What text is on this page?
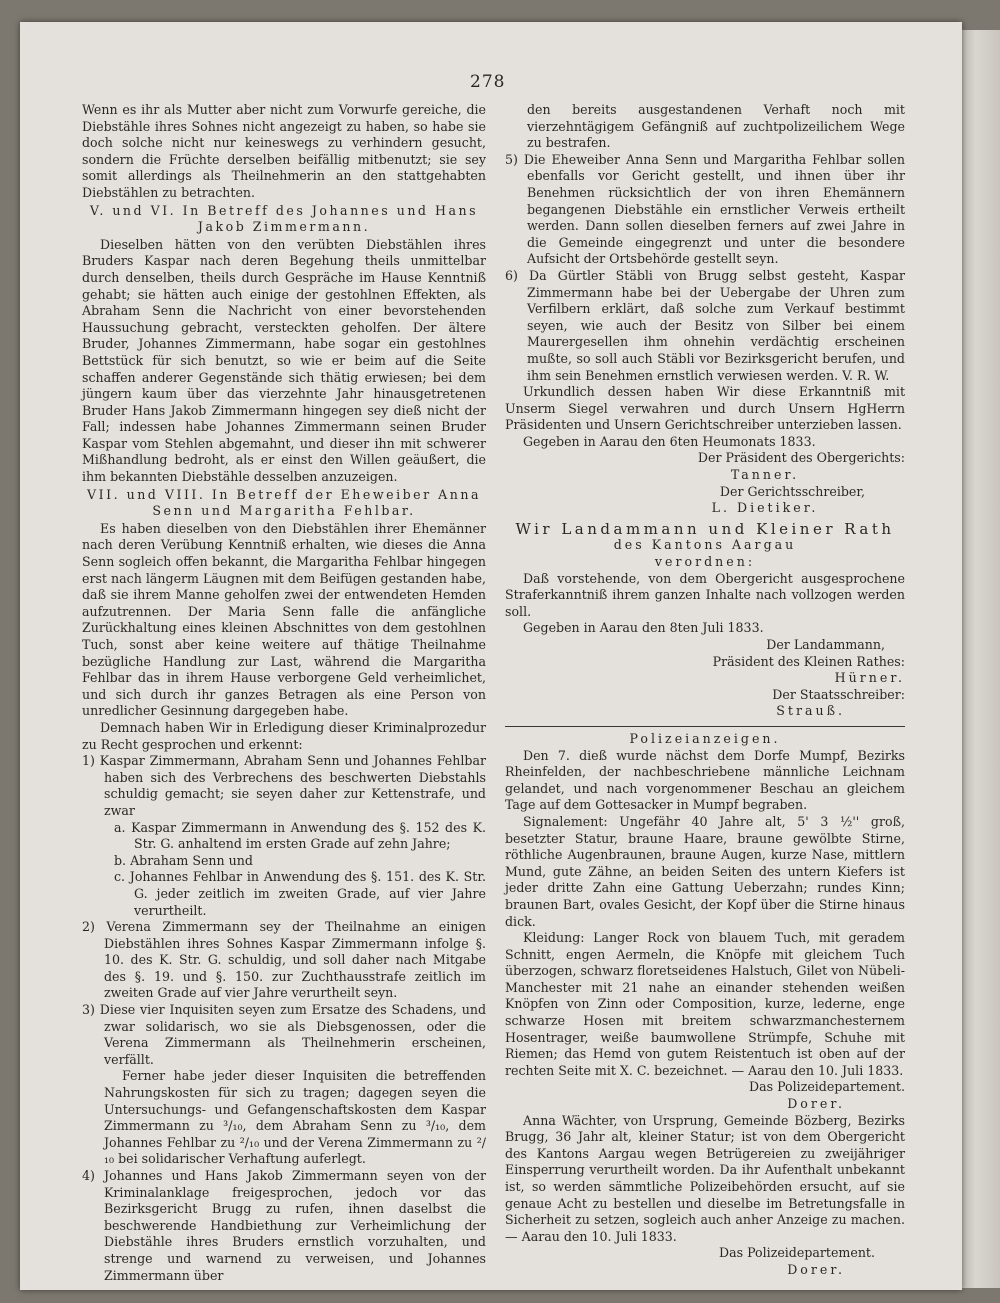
278

Wenn es ihr als Mutter aber nicht zum Vorwurfe gereiche, die Diebstähle ihres Sohnes nicht angezeigt zu haben, so habe sie doch solche nicht nur keineswegs zu verhindern gesucht, sondern die Früchte derselben beifällig mitbenutzt; sie sey somit allerdings als Theilnehmerin an den stattgehabten Diebstählen zu betrachten.

V. und VI. In Betreff des Johannes und Hans Jakob Zimmermann.

Dieselben hätten von den verübten Diebstählen ihres Bruders Kaspar nach deren Begehung theils unmittelbar durch denselben, theils durch Gespräche im Hause Kenntniß gehabt; sie hätten auch einige der gestohlnen Effekten, als Abraham Senn die Nachricht von einer bevorstehenden Haussuchung gebracht, versteckten geholfen. Der ältere Bruder, Johannes Zimmermann, habe sogar ein gestohlnes Bettstück für sich benutzt, so wie er beim auf die Seite schaffen anderer Gegenstände sich thätig erwiesen; bei dem jüngern kaum über das vierzehnte Jahr hinausgetretenen Bruder Hans Jakob Zimmermann hingegen sey dieß nicht der Fall; indessen habe Johannes Zimmermann seinen Bruder Kaspar vom Stehlen abgemahnt, und dieser ihn mit schwerer Mißhandlung bedroht, als er einst den Willen geäußert, die ihm bekannten Diebstähle desselben anzuzeigen.

VII. und VIII. In Betreff der Eheweiber Anna Senn und Margaritha Fehlbar.

Es haben dieselben von den Diebstählen ihrer Ehemänner nach deren Verübung Kenntniß erhalten, wie dieses die Anna Senn sogleich offen bekannt, die Margaritha Fehlbar hingegen erst nach längerm Läugnen mit dem Beifügen gestanden habe, daß sie ihrem Manne geholfen zwei der entwendeten Hemden aufzutrennen. Der Maria Senn falle die anfängliche Zurückhaltung eines kleinen Abschnittes von dem gestohlnen Tuch, sonst aber keine weitere auf thätige Theilnahme bezügliche Handlung zur Last, während die Margaritha Fehlbar das in ihrem Hause verborgene Geld verheimlichet, und sich durch ihr ganzes Betragen als eine Person von unredlicher Gesinnung dargegeben habe.

Demnach haben Wir in Erledigung dieser Kriminalprozedur zu Recht gesprochen und erkennt:

1) Kaspar Zimmermann, Abraham Senn und Johannes Fehlbar haben sich des Verbrechens des beschwerten Diebstahls schuldig gemacht; sie seyen daher zur Kettenstrafe, und zwar

a. Kaspar Zimmermann in Anwendung des §. 152 des K. Str. G. anhaltend im ersten Grade auf zehn Jahre;

b. Abraham Senn und

c. Johannes Fehlbar in Anwendung des §. 151. des K. Str. G. jeder zeitlich im zweiten Grade, auf vier Jahre verurtheilt.

2) Verena Zimmermann sey der Theilnahme an einigen Diebstählen ihres Sohnes Kaspar Zimmermann infolge §. 10. des K. Str. G. schuldig, und soll daher nach Mitgabe des §. 19. und §. 150. zur Zuchthausstrafe zeitlich im zweiten Grade auf vier Jahre verurtheilt seyn.

3) Diese vier Inquisiten seyen zum Ersatze des Schadens, und zwar solidarisch, wo sie als Diebsgenossen, oder die Verena Zimmermann als Theilnehmerin erscheinen, verfällt.

Ferner habe jeder dieser Inquisiten die betreffenden Nahrungskosten für sich zu tragen; dagegen seyen die Untersuchungs- und Gefangenschaftskosten dem Kaspar Zimmermann zu ³/₁₀, dem Abraham Senn zu ³/₁₀, dem Johannes Fehlbar zu ²/₁₀ und der Verena Zimmermann zu ²/₁₀ bei solidarischer Verhaftung auferlegt.

4) Johannes und Hans Jakob Zimmermann seyen von der Kriminalanklage freigesprochen, jedoch vor das Bezirksgericht Brugg zu rufen, ihnen daselbst die beschwerende Handbiethung zur Verheimlichung der Diebstähle ihres Bruders ernstlich vorzuhalten, und strenge und warnend zu verweisen, und Johannes Zimmermann über

den bereits ausgestandenen Verhaft noch mit vierzehntägigem Gefängniß auf zuchtpolizeilichem Wege zu bestrafen.

5) Die Eheweiber Anna Senn und Margaritha Fehlbar sollen ebenfalls vor Gericht gestellt, und ihnen über ihr Benehmen rücksichtlich der von ihren Ehemännern begangenen Diebstähle ein ernstlicher Verweis ertheilt werden. Dann sollen dieselben ferners auf zwei Jahre in die Gemeinde eingegrenzt und unter die besondere Aufsicht der Ortsbehörde gestellt seyn.

6) Da Gürtler Stäbli von Brugg selbst gesteht, Kaspar Zimmermann habe bei der Uebergabe der Uhren zum Verfilbern erklärt, daß solche zum Verkauf bestimmt seyen, wie auch der Besitz von Silber bei einem Maurergesellen ihm ohnehin verdächtig erscheinen mußte, so soll auch Stäbli vor Bezirksgericht berufen, und ihm sein Benehmen ernstlich verwiesen werden. V. R. W.

Urkundlich dessen haben Wir diese Erkanntniß mit Unserm Siegel verwahren und durch Unsern HgHerrn Präsidenten und Unsern Gerichtschreiber unterzieben lassen.

Gegeben in Aarau den 6ten Heumonats 1833.

Der Präsident des Obergerichts:

Tanner.

Der Gerichtsschreiber,

L. Dietiker.

Wir Landammann und Kleiner Rath

des Kantons Aargau

verordnen:

Daß vorstehende, von dem Obergericht ausgesprochene Straferkanntniß ihrem ganzen Inhalte nach vollzogen werden soll.

Gegeben in Aarau den 8ten Juli 1833.

Der Landammann,

Präsident des Kleinen Rathes:

Hürner.

Der Staatsschreiber:

Strauß.

Polizeianzeigen.

Den 7. dieß wurde nächst dem Dorfe Mumpf, Bezirks Rheinfelden, der nachbeschriebene männliche Leichnam gelandet, und nach vorgenommener Beschau an gleichem Tage auf dem Gottesacker in Mumpf begraben.

Signalement: Ungefähr 40 Jahre alt, 5' 3 ½'' groß, besetzter Statur, braune Haare, braune gewölbte Stirne, röthliche Augenbraunen, braune Augen, kurze Nase, mittlern Mund, gute Zähne, an beiden Seiten des untern Kiefers ist jeder dritte Zahn eine Gattung Ueberzahn; rundes Kinn; braunen Bart, ovales Gesicht, der Kopf über die Stirne hinaus dick.

Kleidung: Langer Rock von blauem Tuch, mit geradem Schnitt, engen Aermeln, die Knöpfe mit gleichem Tuch überzogen, schwarz floretseidenes Halstuch, Gilet von Nübeli-Manchester mit 21 nahe an einander stehenden weißen Knöpfen von Zinn oder Composition, kurze, lederne, enge schwarze Hosen mit breitem schwarzmanchesternem Hosentrager, weiße baumwollene Strümpfe, Schuhe mit Riemen; das Hemd von gutem Reistentuch ist oben auf der rechten Seite mit X. C. bezeichnet. — Aarau den 10. Juli 1833.

Das Polizeidepartement.

Dorer.

Anna Wächter, von Ursprung, Gemeinde Bözberg, Bezirks Brugg, 36 Jahr alt, kleiner Statur; ist von dem Obergericht des Kantons Aargau wegen Betrügereien zu zweijähriger Einsperrung verurtheilt worden. Da ihr Aufenthalt unbekannt ist, so werden sämmtliche Polizeibehörden ersucht, auf sie genaue Acht zu bestellen und dieselbe im Betretungsfalle in Sicherheit zu setzen, sogleich auch anher Anzeige zu machen. — Aarau den 10. Juli 1833.

Das Polizeidepartement.

Dorer.
